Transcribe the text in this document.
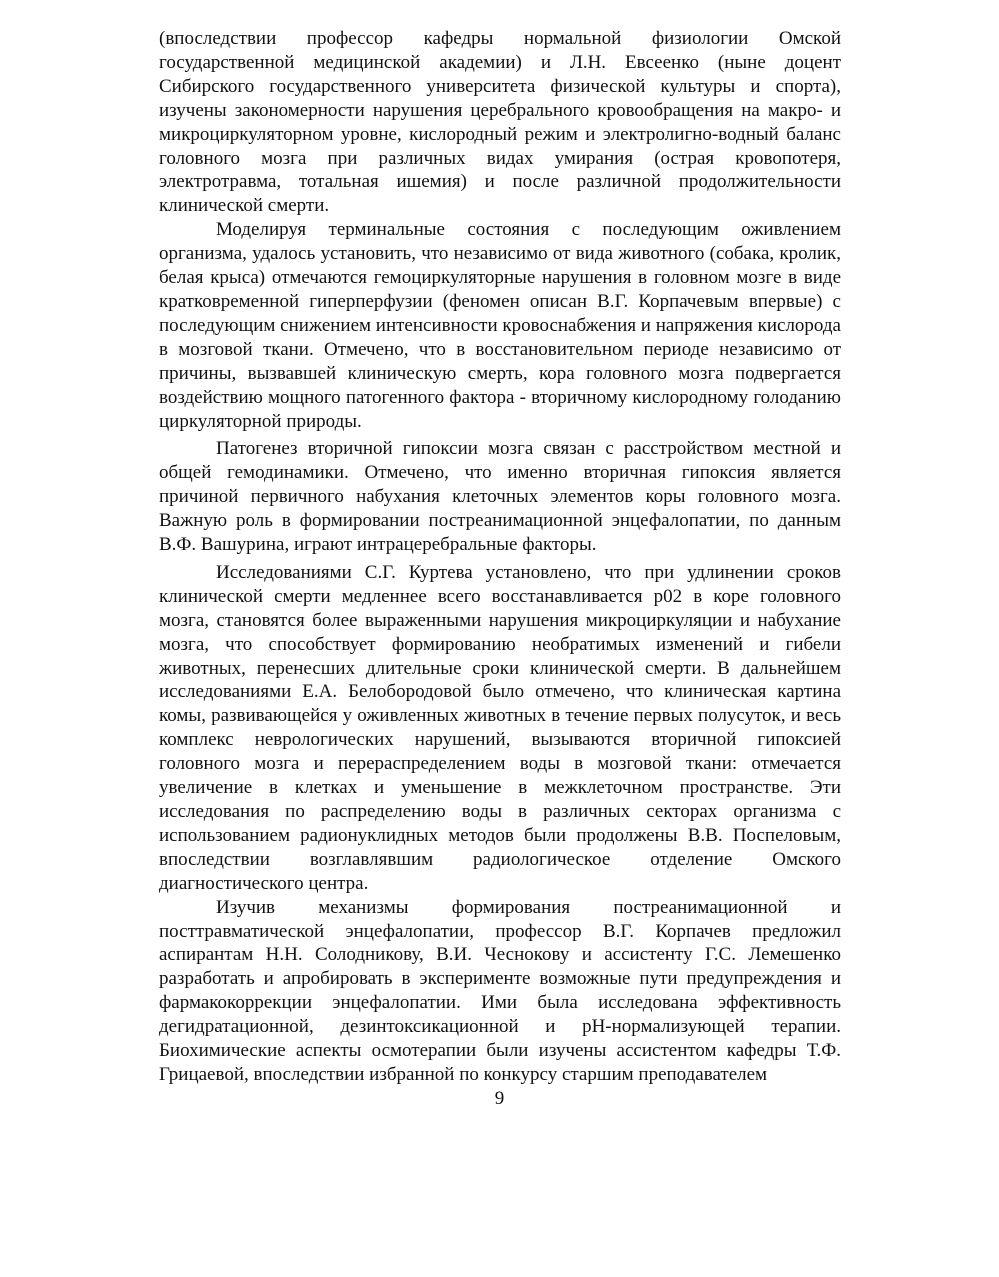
(впоследствии профессор кафедры нормальной физиологии Омской государственной медицинской академии) и Л.Н. Евсеенко (ныне доцент Сибирского государственного университета физической культуры и спорта), изучены закономерности нарушения церебрального кровообращения на макро- и микроциркуляторном уровне, кислородный режим и электролигно-водный баланс головного мозга при различных видах умирания (острая кровопотеря, электротравма, тотальная ишемия) и после различной продолжительности клинической смерти.

Моделируя терминальные состояния с последующим оживлением организма, удалось установить, что независимо от вида животного (собака, кролик, белая крыса) отмечаются гемоциркуляторные нарушения в головном мозге в виде кратковременной гиперперфузии (феномен описан В.Г. Корпачевым впервые) с последующим снижением интенсивности кровоснабжения и напряжения кислорода в мозговой ткани. Отмечено, что в восстановительном периоде независимо от причины, вызвавшей клиническую смерть, кора головного мозга подвергается воздействию мощного патогенного фактора - вторичному кислородному голоданию циркуляторной природы.

Патогенез вторичной гипоксии мозга связан с расстройством местной и общей гемодинамики. Отмечено, что именно вторичная гипоксия является причиной первичного набухания клеточных элементов коры головного мозга. Важную роль в формировании постреанимационной энцефалопатии, по данным В.Ф. Вашурина, играют интрацеребральные факторы.

Исследованиями С.Г. Куртева установлено, что при удлинении сроков клинической смерти медленнее всего восстанавливается р02 в коре головного мозга, становятся более выраженными нарушения микроциркуляции и набухание мозга, что способствует формированию необратимых изменений и гибели животных, перенесших длительные сроки клинической смерти. В дальнейшем исследованиями Е.А. Белобородовой было отмечено, что клиническая картина комы, развивающейся у оживленных животных в течение первых полусуток, и весь комплекс неврологических нарушений, вызываются вторичной гипоксией головного мозга и перераспределением воды в мозговой ткани: отмечается увеличение в клетках и уменьшение в межклеточном пространстве. Эти исследования по распределению воды в различных секторах организма с использованием радионуклидных методов были продолжены В.В. Поспеловым, впоследствии возглавлявшим радиологическое отделение Омского диагностического центра.

Изучив механизмы формирования постреанимационной и посттравматической энцефалопатии, профессор В.Г. Корпачев предложил аспирантам Н.Н. Солодникову, В.И. Чеснокову и ассистенту Г.С. Лемешенко разработать и апробировать в эксперименте возможные пути предупреждения и фармакокоррекции энцефалопатии. Ими была исследована эффективность дегидратационной, дезинтоксикационной и рН-нормализующей терапии. Биохимические аспекты осмотерапии были изучены ассистентом кафедры Т.Ф. Грицаевой, впоследствии избранной по конкурсу старшим преподавателем

9
